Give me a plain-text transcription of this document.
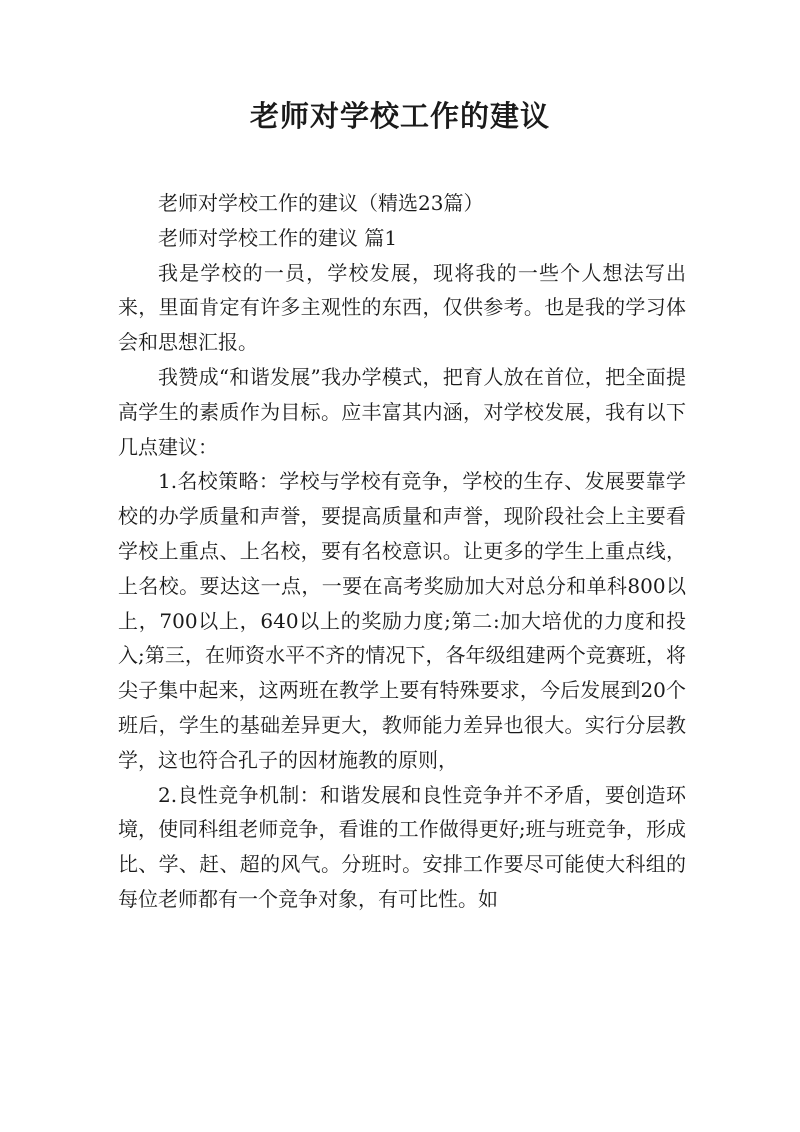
老师对学校工作的建议

老师对学校工作的建议（精选23篇）

老师对学校工作的建议 篇1

我是学校的一员，学校发展，现将我的一些个人想法写出来，里面肯定有许多主观性的东西，仅供参考。也是我的学习体会和思想汇报。

我赞成“和谐发展”我办学模式，把育人放在首位，把全面提高学生的素质作为目标。应丰富其内涵，对学校发展，我有以下几点建议：

1.名校策略：学校与学校有竞争，学校的生存、发展要靠学校的办学质量和声誉，要提高质量和声誉，现阶段社会上主要看学校上重点、上名校，要有名校意识。让更多的学生上重点线，上名校。要达这一点，一要在高考奖励加大对总分和单科800以上，700以上，640以上的奖励力度;第二:加大培优的力度和投入;第三，在师资水平不齐的情况下，各年级组建两个竞赛班，将尖子集中起来，这两班在教学上要有特殊要求，今后发展到20个班后，学生的基础差异更大，教师能力差异也很大。实行分层教学，这也符合孔子的因材施教的原则，

2.良性竞争机制：和谐发展和良性竞争并不矛盾，要创造环境，使同科组老师竞争，看谁的工作做得更好;班与班竞争，形成比、学、赶、超的风气。分班时。安排工作要尽可能使大科组的每位老师都有一个竞争对象，有可比性。如
